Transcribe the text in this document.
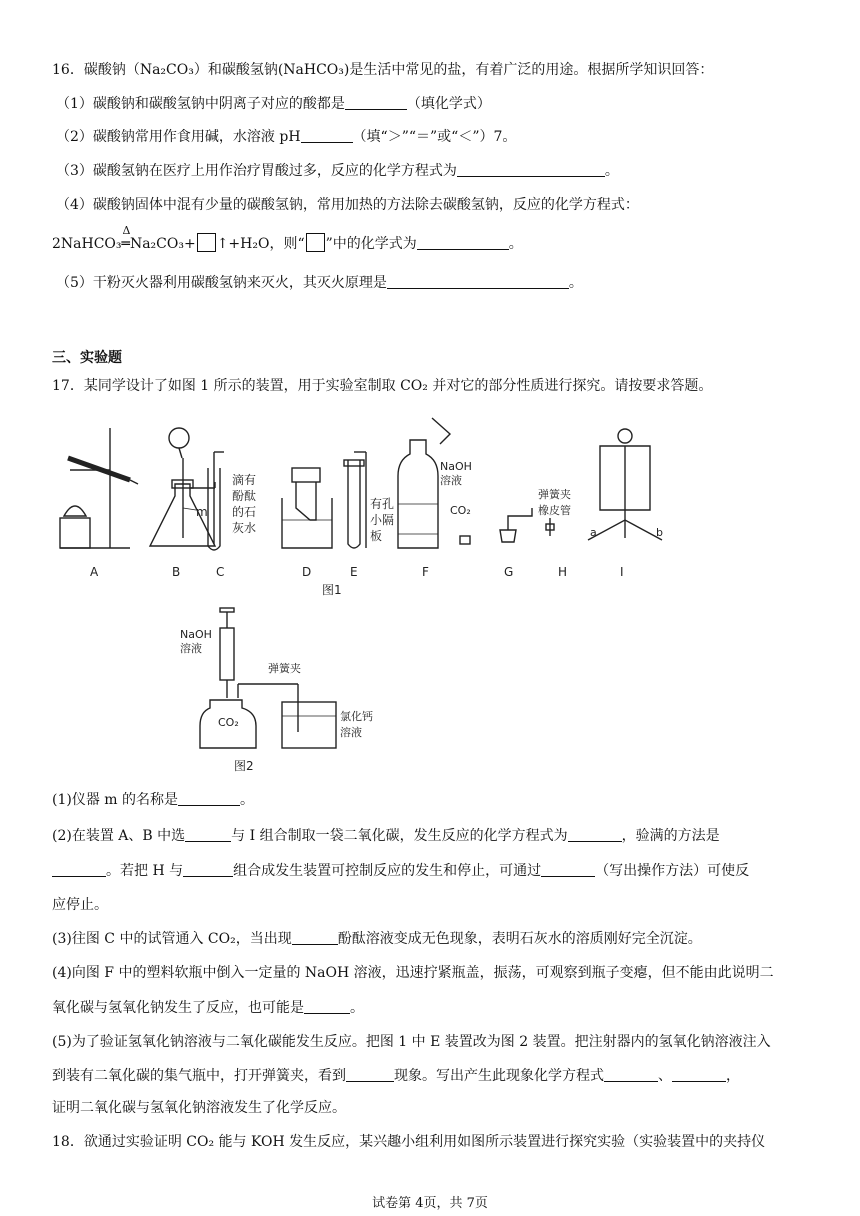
16．碳酸钠（Na₂CO₃）和碳酸氢钠(NaHCO₃)是生活中常见的盐，有着广泛的用途。根据所学知识回答：
（1）碳酸钠和碳酸氢钠中阴离子对应的酸都是	（填化学式）
（2）碳酸钠常用作食用碱，水溶液 pH	（填“＞”“＝”或“＜”）7。
（3）碳酸氢钠在医疗上用作治疗胃酸过多，反应的化学方程式为	。
（4）碳酸钠固体中混有少量的碳酸氢钠，常用加热的方法除去碳酸氢钠，反应的化学方程式：
2NaHCO₃
Δ
═Na₂CO₃+ ↑+H₂O，则“ ”中的化学式为	。
（5）干粉灭火器利用碳酸氢钠来灭火，其灭火原理是	。
三、实验题
17．某同学设计了如图 1 所示的装置，用于实验室制取 CO₂ 并对它的部分性质进行探究。请按要求答题。
A	B	C	D	E	F	G	H	I
m
滴有
酚酞
的石
灰水
有孔
小隔
板
NaOH
溶液
CO₂
弹簧夹
橡皮管
a	b
图1
NaOH
溶液
弹簧夹
CO₂	氯化钙
溶液
图2
(1)仪器 m 的名称是	。
(2)在装置 A、B 中选	与 I 组合制取一袋二氧化碳，发生反应的化学方程式为	，验满的方法是
。若把 H 与	组合成发生装置可控制反应的发生和停止，可通过	（写出操作方法）可使反
应停止。
(3)往图 C 中的试管通入 CO₂，当出现	酚酞溶液变成无色现象，表明石灰水的溶质刚好完全沉淀。
(4)向图 F 中的塑料软瓶中倒入一定量的 NaOH 溶液，迅速拧紧瓶盖，振荡，可观察到瓶子变瘪，但不能由此说明二
氧化碳与氢氧化钠发生了反应，也可能是	。
(5)为了验证氢氧化钠溶液与二氧化碳能发生反应。把图 1 中 E 装置改为图 2 装置。把注射器内的氢氧化钠溶液注入
到装有二氧化碳的集气瓶中，打开弹簧夹，看到	现象。写出产生此现象化学方程式	、	，
证明二氧化碳与氢氧化钠溶液发生了化学反应。
18．欲通过实验证明 CO₂ 能与 KOH 发生反应，某兴趣小组利用如图所示装置进行探究实验（实验装置中的夹持仪
试卷第 4页，共 7页
